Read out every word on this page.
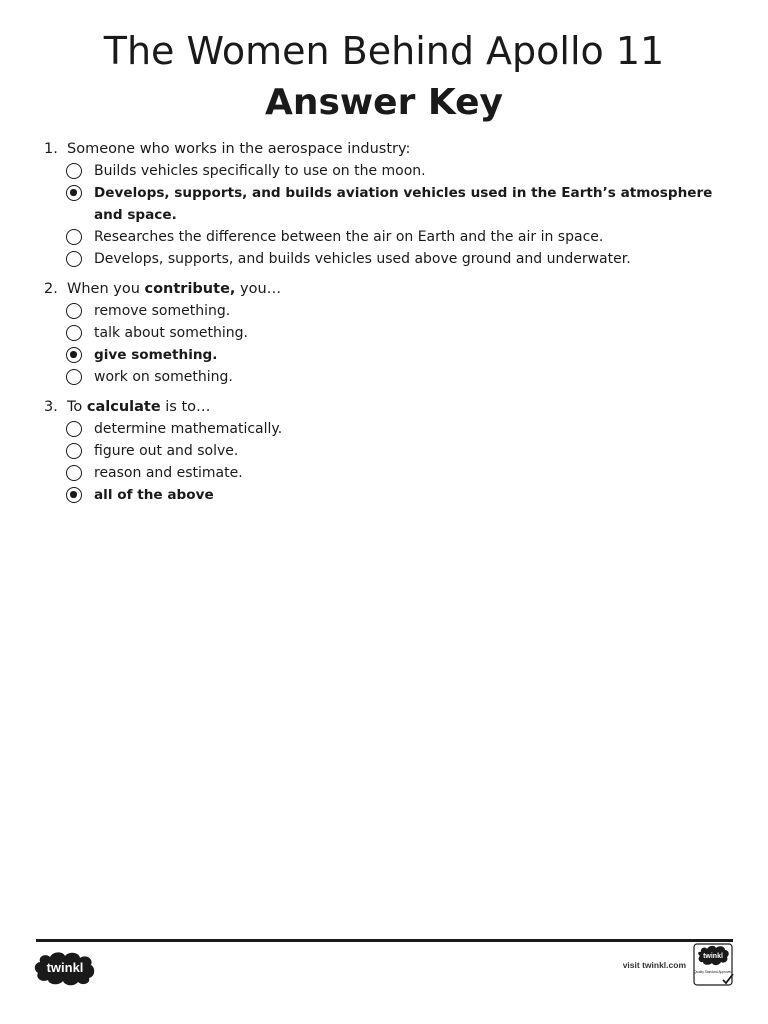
The Women Behind Apollo 11
Answer Key
1. Someone who works in the aerospace industry:
Builds vehicles specifically to use on the moon.
Develops, supports, and builds aviation vehicles used in the Earth’s atmosphere and space.
Researches the difference between the air on Earth and the air in space.
Develops, supports, and builds vehicles used above ground and underwater.
2. When you contribute, you…
remove something.
talk about something.
give something.
work on something.
3. To calculate is to…
determine mathematically.
figure out and solve.
reason and estimate.
all of the above
twinkl	visit twinkl.com
twinkl
Quality Standard Approved
